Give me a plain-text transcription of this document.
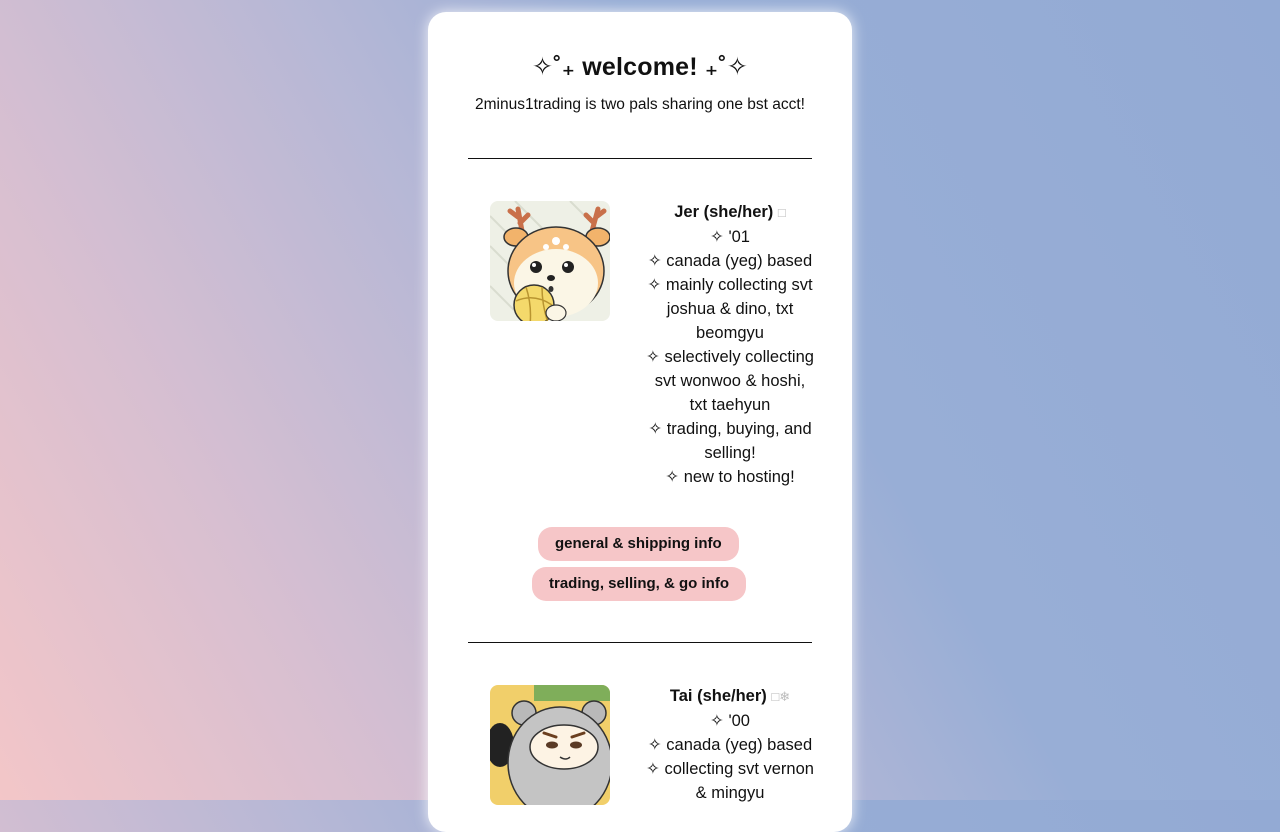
✧˚₊ welcome! ₊˚✧
2minus1trading is two pals sharing one bst acct!
Jer (she/her) □
✧ '01
✧ canada (yeg) based
✧ mainly collecting svt joshua & dino, txt beomgyu
✧ selectively collecting svt wonwoo & hoshi, txt taehyun
✧ trading, buying, and selling!
✧ new to hosting!
general & shipping info
trading, selling, & go info
Tai (she/her) □❄
✧ '00
✧ canada (yeg) based
✧ collecting svt vernon & mingyu
